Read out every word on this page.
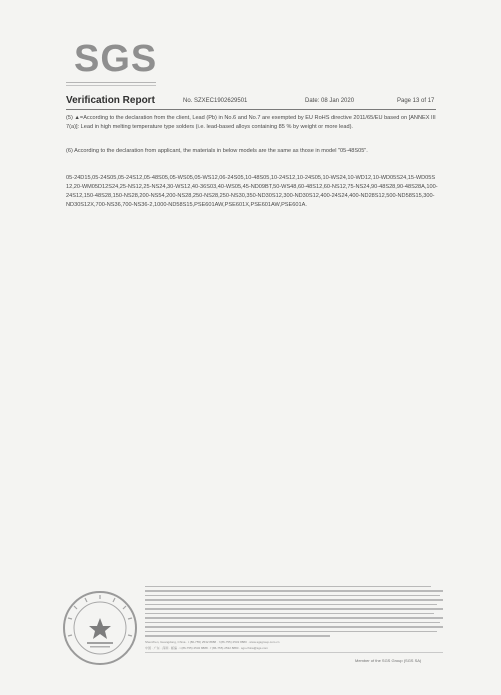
SGS
Verification Report	No. SZXEC1902629501	Date: 08 Jan 2020	Page 13 of 17
(5) ▲=According to the declaration from the client, Lead (Pb) in No.6 and No.7 are exempted by EU RoHS directive 2011/65/EU based on [ANNEX III 7(a)]: Lead in high melting temperature type solders (i.e. lead-based alloys containing 85 % by weight or more lead).
(6) According to the declaration from applicant, the materials in below models are the same as those in model "05-48S05".
05-24D15,05-24S05,05-24S12,05-48S05,05-WS05,05-WS12,06-24S05,10-48S05,10-24S12,10-24S05,10-WS24,10-WD12,10-WD05S24,15-WD05S12,20-WM05D12S24,25-NS12,25-NS24,30-WS12,40-36S03,40-WS05,45-ND09BT,50-WS48,60-48S12,60-NS12,75-NS24,90-48S28,90-48S28A,100-24S12,150-48S28,150-NS28,200-NS54,200-NS28,250-NS28,250-NS30,350-ND30S12,300-ND30S12,400-24S24,400-ND28S12,500-ND58S15,300-ND30S12X,700-NS36,700-NS36-2,1000-ND58S15,PSE601AW,PSE601X,PSE601AW,PSE601A.
Shenzhen, Guangdong, China · t (86-755) 2532 8888 · f (86-755) 2532 8880 · www.sgsgroup.com.cn
中国 · 广东 · 深圳 · 邮编 · t (86-755) 2532 8888 · f (86-755) 2532 8880 · sgs.china@sgs.com
Member of the SGS Group (SGS SA)
